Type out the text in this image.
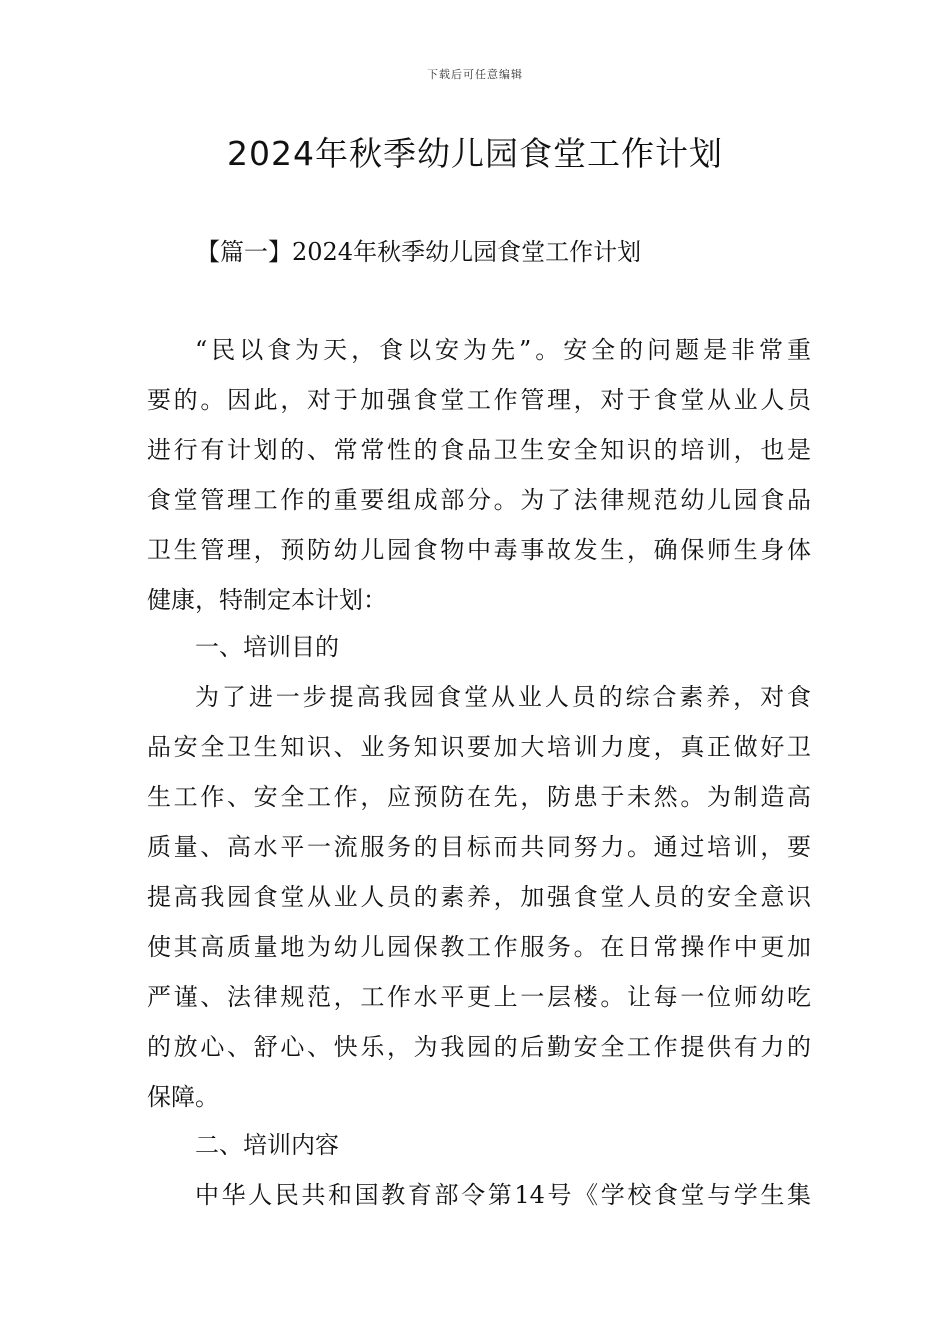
下载后可任意编辑
2024年秋季幼儿园食堂工作计划
【篇一】2024年秋季幼儿园食堂工作计划
“民以食为天，食以安为先”。安全的问题是非常重
要的。因此，对于加强食堂工作管理，对于食堂从业人员
进行有计划的、常常性的食品卫生安全知识的培训，也是
食堂管理工作的重要组成部分。为了法律规范幼儿园食品
卫生管理，预防幼儿园食物中毒事故发生，确保师生身体
健康，特制定本计划：
一、培训目的
为了进一步提高我园食堂从业人员的综合素养，对食
品安全卫生知识、业务知识要加大培训力度，真正做好卫
生工作、安全工作，应预防在先，防患于未然。为制造高
质量、高水平一流服务的目标而共同努力。通过培训，要
提高我园食堂从业人员的素养，加强食堂人员的安全意识
使其高质量地为幼儿园保教工作服务。在日常操作中更加
严谨、法律规范，工作水平更上一层楼。让每一位师幼吃
的放心、舒心、快乐，为我园的后勤安全工作提供有力的
保障。
二、培训内容
中华人民共和国教育部令第14号《学校食堂与学生集
